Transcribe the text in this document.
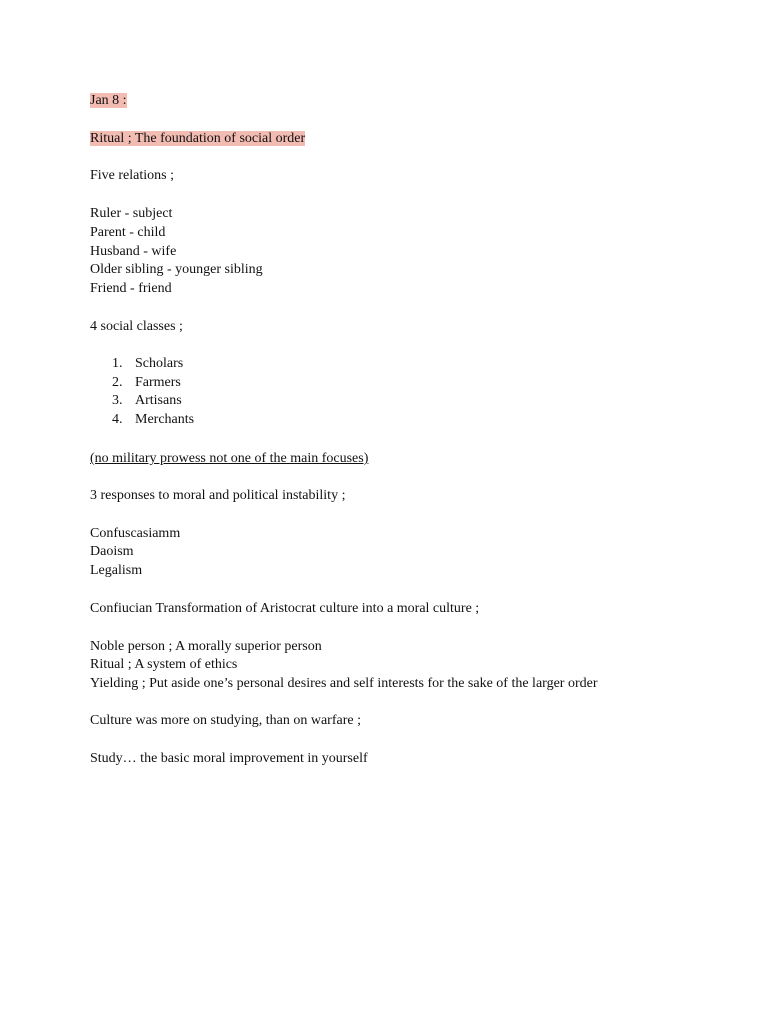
Jan 8 :
Ritual ; The foundation of social order
Five relations ;
Ruler - subject
Parent - child
Husband - wife
Older sibling - younger sibling
Friend - friend
4 social classes ;
1. Scholars
2. Farmers
3. Artisans
4. Merchants
(no military prowess not one of the main focuses)
3 responses to moral and political instability ;
Confuscasiamm
Daoism
Legalism
Confiucian Transformation of Aristocrat culture into a moral culture ;
Noble person ; A morally superior person
Ritual ; A system of ethics
Yielding ; Put aside one’s personal desires and self interests for the sake of the larger order
Culture was more on studying, than on warfare ;
Study… the basic moral improvement in yourself
